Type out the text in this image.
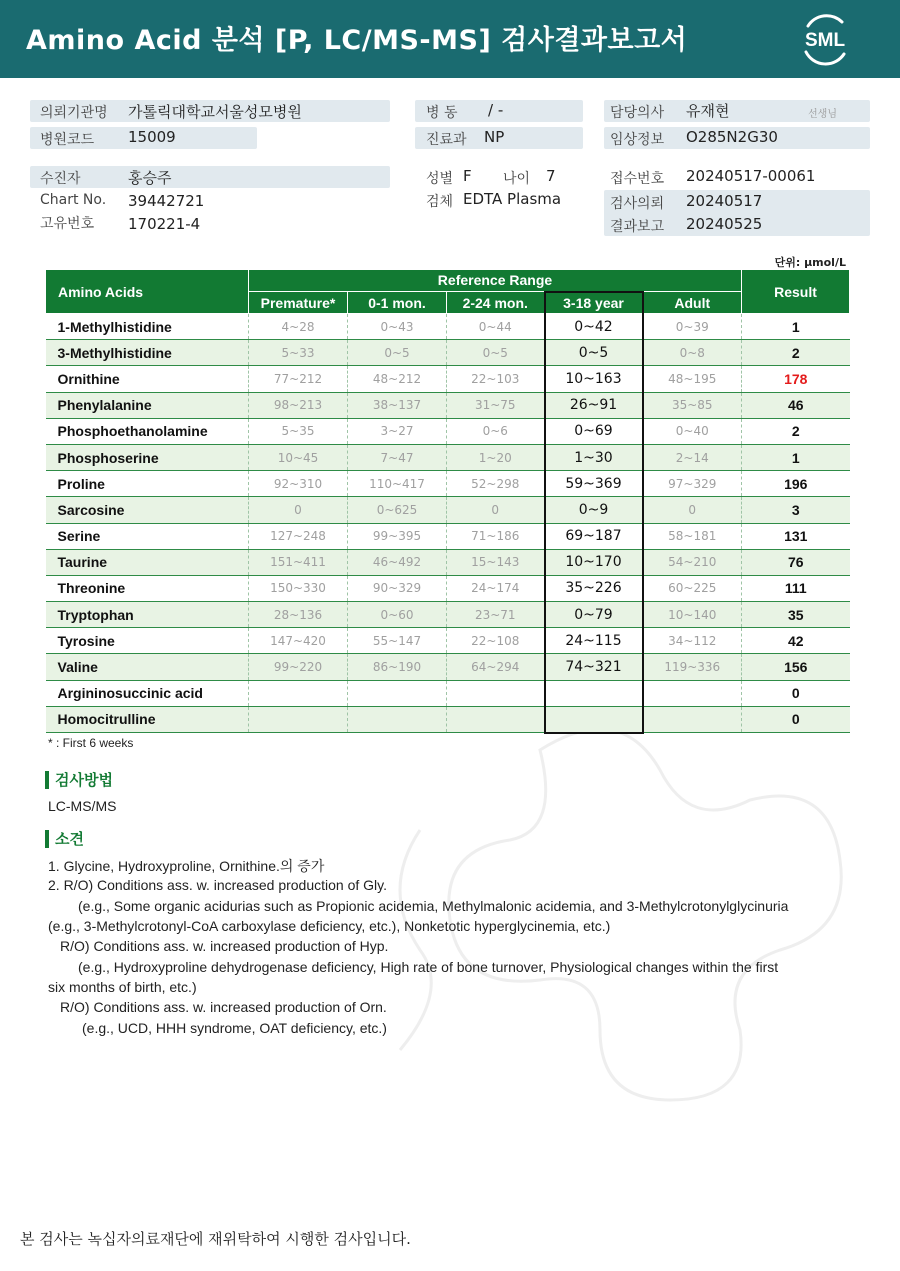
Amino Acid 분석 [P, LC/MS-MS] 검사결과보고서	SML
의뢰기관명 가톨릭대학교서울성모병원
병원코드 15009
병 동 / -
진료과 NP
담당의사 유재현	선생님
임상정보 O285N2G30
수진자	홍승주
Chart No. 39442721
고유번호 170221-4
성별 F 나이 7
검체 EDTA Plasma
접수번호 20240517-00061
검사의뢰 20240517
결과보고 20240525
단위: μmol/L
Amino Acids	Reference Range					Result
	Premature*	0-1 mon.	2-24 mon.	3-18 year	Adult	
1-Methylhistidine	4~28	0~43	0~44	0~42	0~39	1
3-Methylhistidine	5~33	0~5	0~5	0~5	0~8	2
Ornithine	77~212	48~212	22~103	10~163	48~195	178
Phenylalanine	98~213	38~137	31~75	26~91	35~85	46
Phosphoethanolamine	5~35	3~27	0~6	0~69	0~40	2
Phosphoserine	10~45	7~47	1~20	1~30	2~14	1
Proline	92~310	110~417	52~298	59~369	97~329	196
Sarcosine	0	0~625	0	0~9	0	3
Serine	127~248	99~395	71~186	69~187	58~181	131
Taurine	151~411	46~492	15~143	10~170	54~210	76
Threonine	150~330	90~329	24~174	35~226	60~225	111
Tryptophan	28~136	0~60	23~71	0~79	10~140	35
Tyrosine	147~420	55~147	22~108	24~115	34~112	42
Valine	99~220	86~190	64~294	74~321	119~336	156
Argininosuccinic acid						0
Homocitrulline						0
* : First 6 weeks
검사방법
LC-MS/MS
소견
1. Glycine, Hydroxyproline, Ornithine.의 증가
2. R/O) Conditions ass. w. increased production of Gly.
(e.g., Some organic acidurias such as Propionic acidemia, Methylmalonic acidemia, and 3-Methylcrotonylglycinuria
(e.g., 3-Methylcrotonyl-CoA carboxylase deficiency, etc.), Nonketotic hyperglycinemia, etc.)
R/O) Conditions ass. w. increased production of Hyp.
(e.g., Hydroxyproline dehydrogenase deficiency, High rate of bone turnover, Physiological changes within the first
six months of birth, etc.)
R/O) Conditions ass. w. increased production of Orn.
(e.g., UCD, HHH syndrome, OAT deficiency, etc.)
본 검사는 녹십자의료재단에 재위탁하여 시행한 검사입니다.
